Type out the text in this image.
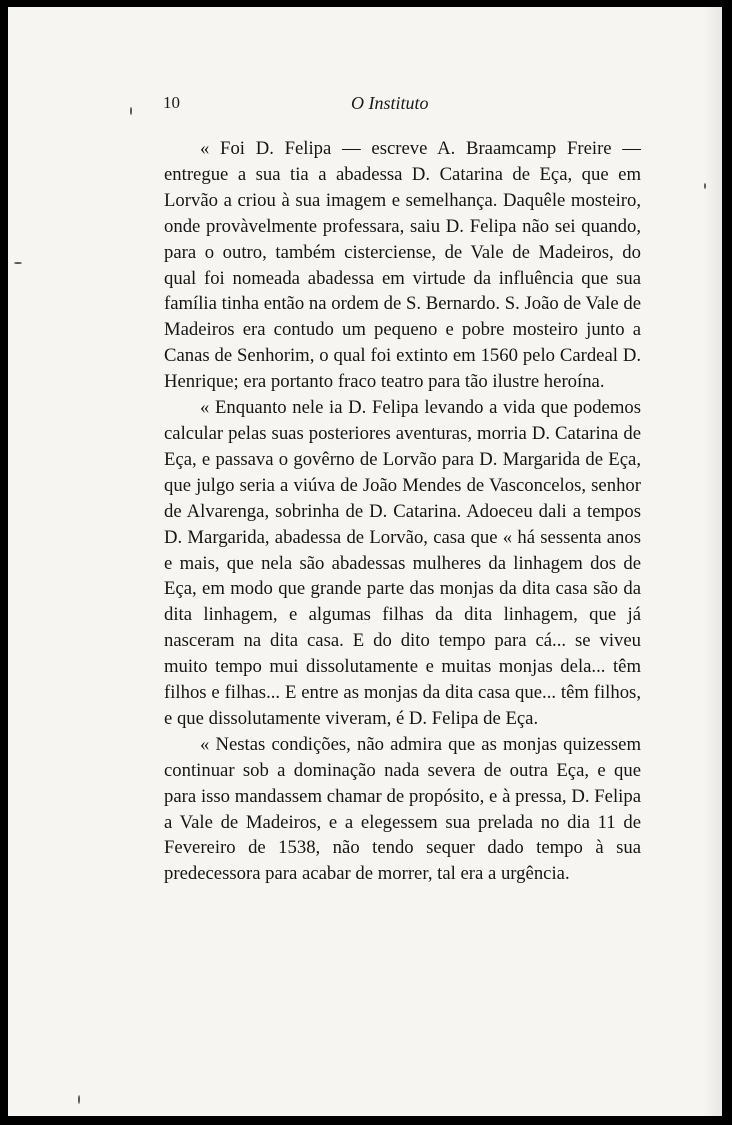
10	O Instituto

« Foi D. Felipa — escreve A. Braamcamp Freire — entregue a sua tia a abadessa D. Catarina de Eça, que em Lorvão a criou à sua imagem e semelhança. Daquêle mosteiro, onde provàvelmente professara, saiu D. Felipa não sei quando, para o outro, também cisterciense, de Vale de Madeiros, do qual foi nomeada abadessa em virtude da influência que sua família tinha então na ordem de S. Bernardo. S. João de Vale de Madeiros era contudo um pequeno e pobre mosteiro junto a Canas de Senhorim, o qual foi extinto em 1560 pelo Cardeal D. Henrique; era portanto fraco teatro para tão ilustre heroína.

« Enquanto nele ia D. Felipa levando a vida que podemos calcular pelas suas posteriores aventuras, morria D. Catarina de Eça, e passava o govêrno de Lorvão para D. Margarida de Eça, que julgo seria a viúva de João Mendes de Vasconcelos, senhor de Alvarenga, sobrinha de D. Catarina. Adoeceu dali a tempos D. Margarida, abadessa de Lorvão, casa que « há sessenta anos e mais, que nela são abadessas mulheres da linhagem dos de Eça, em modo que grande parte das monjas da dita casa são da dita linhagem, e algumas filhas da dita linhagem, que já nasceram na dita casa. E do dito tempo para cá... se viveu muito tempo mui dissolutamente e muitas monjas dela... têm filhos e filhas... E entre as monjas da dita casa que... têm filhos, e que dissolutamente viveram, é D. Felipa de Eça.

« Nestas condições, não admira que as monjas quizessem continuar sob a dominação nada severa de outra Eça, e que para isso mandassem chamar de propósito, e à pressa, D. Felipa a Vale de Madeiros, e a elegessem sua prelada no dia 11 de Fevereiro de 1538, não tendo sequer dado tempo à sua predecessora para acabar de morrer, tal era a urgência.
